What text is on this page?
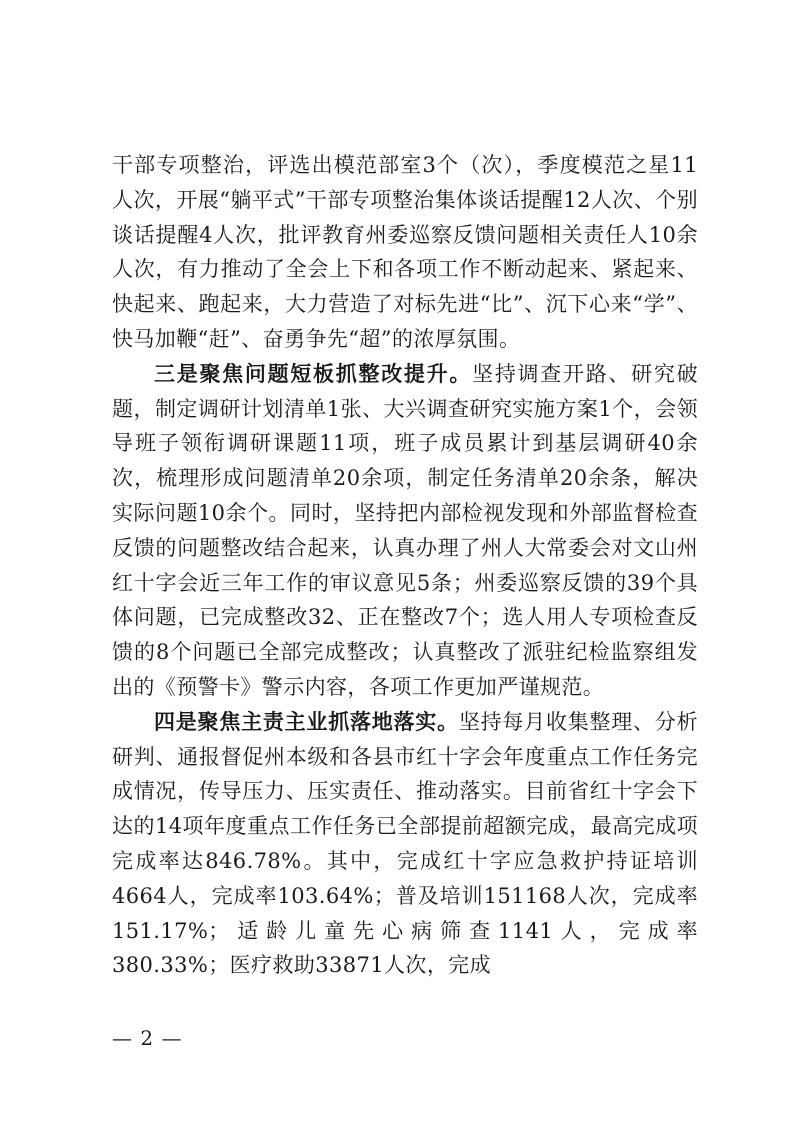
干部专项整治，评选出模范部室3个（次），季度模范之星11人次，开展“躺平式”干部专项整治集体谈话提醒12人次、个别谈话提醒4人次，批评教育州委巡察反馈问题相关责任人10余人次，有力推动了全会上下和各项工作不断动起来、紧起来、快起来、跑起来，大力营造了对标先进“比”、沉下心来“学”、快马加鞭“赶”、奋勇争先“超”的浓厚氛围。

三是聚焦问题短板抓整改提升。坚持调查开路、研究破题，制定调研计划清单1张、大兴调查研究实施方案1个，会领导班子领衔调研课题11项，班子成员累计到基层调研40余次，梳理形成问题清单20余项，制定任务清单20余条，解决实际问题10余个。同时，坚持把内部检视发现和外部监督检查反馈的问题整改结合起来，认真办理了州人大常委会对文山州红十字会近三年工作的审议意见5条；州委巡察反馈的39个具体问题，已完成整改32、正在整改7个；选人用人专项检查反馈的8个问题已全部完成整改；认真整改了派驻纪检监察组发出的《预警卡》警示内容，各项工作更加严谨规范。

四是聚焦主责主业抓落地落实。坚持每月收集整理、分析研判、通报督促州本级和各县市红十字会年度重点工作任务完成情况，传导压力、压实责任、推动落实。目前省红十字会下达的14项年度重点工作任务已全部提前超额完成，最高完成项完成率达846.78%。其中，完成红十字应急救护持证培训4664人，完成率103.64%；普及培训151168人次，完成率151.17%；适龄儿童先心病筛查1141人，完成率380.33%；医疗救助33871人次，完成

— 2 —
